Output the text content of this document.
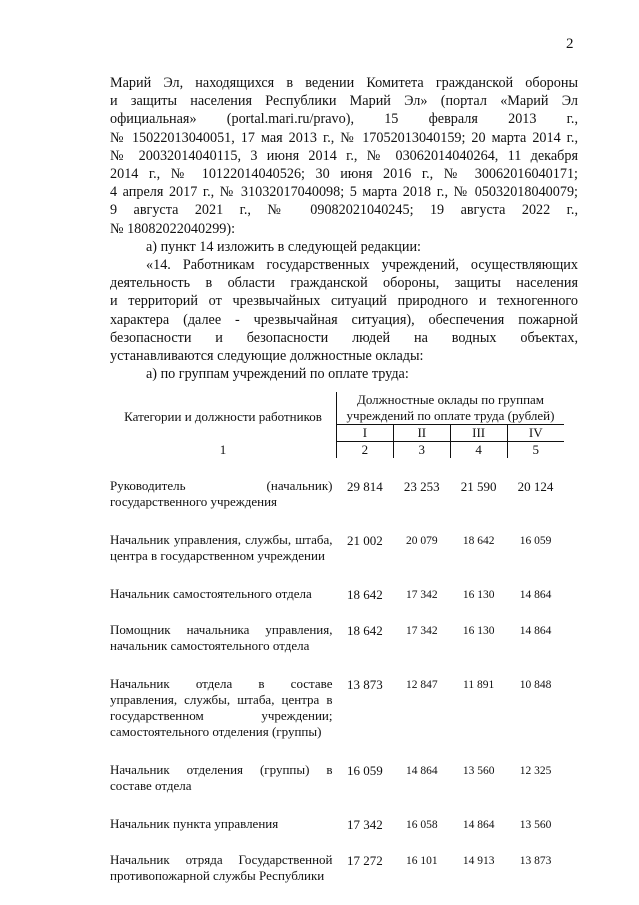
2

Марий Эл, находящихся в ведении Комитета гражданской обороны

и защиты населения Республики Марий Эл» (портал «Марий Эл

официальная» (portal.mari.ru/pravo), 15 февраля 2013 г.,

№ 15022013040051, 17 мая 2013 г., № 17052013040159; 20 марта 2014 г.,

№ 20032014040115, 3 июня 2014 г., № 03062014040264, 11 декабря

2014 г., № 10122014040526; 30 июня 2016 г., № 30062016040171;

4 апреля 2017 г., № 31032017040098; 5 марта 2018 г., № 05032018040079;

9 августа 2021 г., № 09082021040245; 19 августа 2022 г.,

№ 18082022040299):

а) пункт 14 изложить в следующей редакции:

«14. Работникам государственных учреждений, осуществляющих

деятельность в области гражданской обороны, защиты населения

и территорий от чрезвычайных ситуаций природного и техногенного

характера (далее - чрезвычайная ситуация), обеспечения пожарной

безопасности и безопасности людей на водных объектах,

устанавливаются следующие должностные оклады:

а) по группам учреждений по оплате труда:

Категории и должности работников	Должностные оклады по группам учреждений по оплате труда (рублей)			
	I	II	III	IV
1	2	3	4	5

Руководитель (начальник) государственного учреждения	29 814	23 253	21 590	20 124

Начальник управления, службы, штаба, центра в государственном учреждении	21 002	20 079	18 642	16 059

Начальник самостоятельного отдела	18 642	17 342	16 130	14 864

Помощник начальника управления, начальник самостоятельного отдела	18 642	17 342	16 130	14 864

Начальник отдела в составе управления, службы, штаба, центра в государственном учреждении; самостоятельного отделения (группы)	13 873	12 847	11 891	10 848

Начальник отделения (группы) в составе отдела	16 059	14 864	13 560	12 325

Начальник пункта управления	17 342	16 058	14 864	13 560

Начальник отряда Государственной противопожарной службы Республики	17 272	16 101	14 913	13 873
